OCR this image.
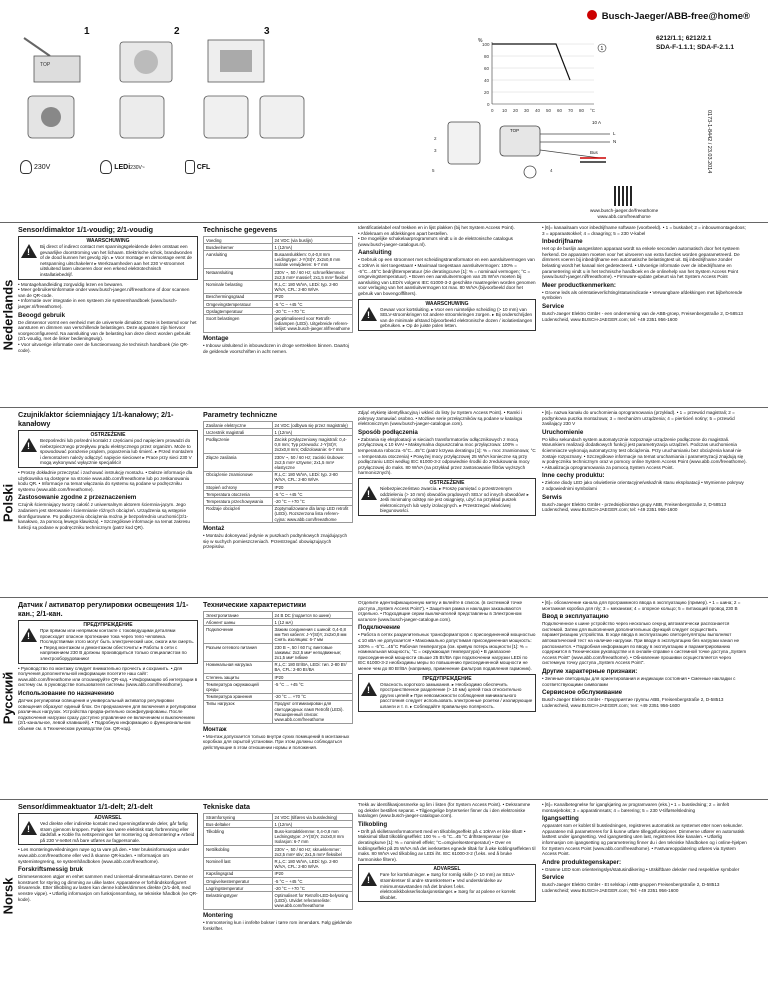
Busch-Jaeger/ABB-free@home®
6212/1.1; 6212/2.1
SDA-F-1.1.1; SDA-F-2.1.1
0173-1-8442 / 23.03.2014
1
TOP
2	3
230V	LEDi230V~	CFL
%
100
80
60
40
20
0
0 10 20 30 40 50 60 70 80 °C
1
2
3
5	4
10 A
TOP
L
N
Bus
www.busch-jaeger.de/freeathome
www.abb.com/freeathome
Nederlands
Sensor/dimaktor 1/1-voudig; 2/1-voudig
WAARSCHUWING
!
Bij direct of indirect contact met spanningsgeleidende delen ontstaat een gevaarlijke doorstroming van het lichaam. Elektrische schok, brandwonden of de dood kunnen het gevolg zijn. ▸ Voor montage en demontage eerst de netspanning uitschakelen! ▸ Werkzaamheden aan het 230 V-stroomnet uitsluitend laten uitvoeren door een erkend elektrotechnisch installatiebedrijf.
• Montagehandleiding zorgvuldig lezen en bewaren.
• Meer gebruikersinformatie onder www.busch-jaeger.nl/freeathome of door scannen van de QR-code.
• Informatie over integratie in een systeem zie systeemhandboek (www.busch-jaeger.nl/freeathome).
Beoogd gebruik
De dimsensor vormt een eenheid met de universele dimaktor. Deze is bestemd voor het aansturen en dimmen van verschillende belastingen. Deze apparaten zijn hiervoor voorgeconfigureerd. Na aansluiting van de belasting kan deze direct worden gebruikt (2/1-voudig, met de linker bedieningswip).
• Voor uitvoerige informatie over de functieomvang zie technisch handboek (zie QR-code).
Technische gegevens
Voeding	24 VDC (via buslijn)
Busdeelnemer	1 (12mA)
Aansluiting	Busaansluitklem: 0,4-0,8 mm Leidingtype: J-Y(St)Y, 2x2x0,8 mm Isolatie verwijderen: 6-7 mm
Netaansluiting	230V ~, 50 / 60 Hz; schroefklemmen: 2x2,5 mm² massief; 2x1,5 mm² flexibel
Nominale belasting	R,L,C: 180 W/VA, LEDi: typ. 2-80 W/VA, CFL: 2-80 W/VA
Beschermingsgraad	IP20
Omgevingstemperatuur	-5 °C – +45 °C
Opslagtemperatuur	-20 °C – +70 °C
Soort belastingen	geoptimaliseerd voor Retrofit-lediampen (LEDi). Uitgebreide referen-tielijst: www.busch-jaeger.nl/freeathome
Montage
• Inbouw uitsluitend in inbouwdozen in droge vertrekken binnen. Daartoj de geldende voorschriften in acht nemen.
Identificatielabel eraf trekken en in lijst plakken (bij het System Access Point).
• Afdekraam en afdekkingen apart bestellen.
• De mogelijke schakelaarprogramma's vindt u in de elektronische catalogus (www.busch-jaeger-catalogus.nl).
Aansluiting
• Gebruik op een stroomnet met scheidingstransformator en een aansluitvermogen van ≤ 10kVA is niet toegestaan! • Maximaal toegestaan aansluitvermogen: 100% = -5°C...45°C bedrijfstemperatuur (zie deratingcurve [1]: % = nominaal vermogen; °C = omgevingstemperatuur). • Boven een aansluitvermogen van 25 W/VA moeten bij aansluiting van LEDi's volgens IEC 61000-3-2 geschikte maatregelen worden genomen voor verlaging van het aansluitvermogen tot max. 80 W/VA (bijvoorbeeld door het gebruik van bovengolffilters).
WAARSCHUWING
!
Gevaar voor kortsluiting. ▸ Voor een ruimtelijke scheiding (> 10 mm) van SELV-stroomkringen tot andere stroomkringen zorgen. ▸ Bij onderschrijden van de minimale afstand bijvoorbeeld elektronische dozen / isolatieslangen gebruiken. ▸ Op de juiste polen letten.
• [6]= kanaalraam voor inbedrijfname software (voorbeeld). • 1 = buskabel; 2 = inbouwmontagedoos; 3 = apparaatsokkel; 4 = draagring; 5 = 230 V-kabel
Inbedrijfname
Het op de buslijn aangesloten apparaat wordt na enkele seconden automatisch door het systeem herkend. De apparaten moeten voor het uitvoeren van extra functies worden geparametreerd. De dimmers voeren bij inbedrijfname een automatische belastingtest uit. Bij inbedrijfname zonder belasting wordt het kanaal niet gedetecteerd. • Uitvoerige informatie over de inbedrijfname en parametrering vindt u in het technische handboek en de onlinehelp van het System Access Point (www.busch-jaeger.nl/freeathome). • Firmware-update gebeurt via het System Access Point
Meer productkenmerken:
• Groene leds als oriëntatieverlichting/statusindicatie • Verwangbare afdekkingen met bijbehorende symbolen
Service
Busch-Jaeger Elektro GmbH - een onderneming van de ABB-groep, Freisenbergstraße 2, D-58513 Lüdenscheid, www.BUSCH-JAEGER.com; tel: +49 2351 956-1600
Polski
Czujnik/aktor ściemniający 1/1-kanałowy; 2/1-kanałowy
OSTRZEŻENIE
!
Bezpośredni lub pośredni kontakt z częściami pod napięciem prowadzi do niebezpiecznego przepływu prądu elektrycznego przez organizm. Może to spowodować porażenie prądem, poparzenia lub śmierć. ▸ Przed montażem i demontażem należy odłączyć napięcie sieciowe! ▸ Prace przy sieci 230 V mogą wykonywać wyłącznie specjaliści!
• Proszę dokładnie przeczytać i zachować instrukcję montażu. • Dalsze informacje dla użytkownika są dostępne na stronie www.abb.com/freeathome lub po zeskanowaniu kodu QR. • Informacje na temat włączania do systemu są podane w podręczniku systemu (www.abb.com/freeathome).
Zastosowanie zgodne z przeznaczeniem
Czujnik ściemniający tworzy całość z uniwersalnym aktorem ściemnia-jącym. Jego zadaniem jest sterowanie i ściemnianie różnych obciążeń. Urządzenia są wstępnie skonfigurowane. Po podłączeniu obciążenia można je bezpośrednio uruchomić(2/1-kanałowo, za pomocą lewego klawisza). • Szczegółowe informacje na temat zakresu funkcji są podane w podręczniku technicznym (patrz kod QR).
Parametry techniczne
Zasilanie elektryczne	24 VDC (odbywa się przez magistralę)
Uczestnik magistrali	1 (12mA)
Podłączenie	Zacisk przyłączeniowy magistrali: 0,4-0,8 mm; Typ przewodu: J-Y(St)Y, 2x2x0,8 mm; Odizolowanie: 6-7 mm
Złącze zasilania	230V ~, 50 / 60 Hz; zaciski śrubowe: 2x2,5 mm² sztywne; 2x1,5 mm² elastyczne
Obciążenie znamionowe	R,L,C: 180 W/VA, LEDi: typ. 2-80 W/VA, CFL: 2-80 W/VA
Stopień ochrony	IP20
Temperatura otoczenia	-5 °C – +45 °C
Temperatura przechowywania	-20 °C – +70 °C
Rodzaje obciążeń	Zoptymalizowane dla lamp LED retrofit (LEDi). Rozszerzona lista referen-cyjna: www.abb.com/freeathome
Montaż
• Montażu dokonywać jedynie w puszkach podtynkowych znajdujących się w suchych pomieszczeniach. Przestrzegać obowiązujących przepisów.
Zdjąć etykietę identyfikacyjną i wkleić do listy (w System Access Point). • Ramki i pokrywy zamawiać osobno. • Możliwe serie przełączników są podane w katalogu elektronicznym (www.busch-jaeger-catalogue.com).
Sposób podłączenia
• Zabrania się eksploatacji w sieciach transformatorów odłącznikowych z mocą przyłączową ≤ 10 kVA! • Maksymalna dopuszczalna moc przyłączowa: 100% = temperatura robocza -5°C...45°C (patrz krzywa deratingu [1]: % = moc znamionowa; °C = temperatura otoczenia) • Powyżej mocy przyłączowej 25 W/VA konieczne są przy podłączaniu LEDi według IEC 61000-3-2 odpowiednie środki do zredukowania mocy przyłączowej do maks. 80 W/VA (na przykład przez zastosowanie filtrów wyższych harmonicznych).
OSTRZEŻENIE
!
Niebezpieczeństwo zwarcia. ▸ Proszę pamiętać o przestrzennym oddzieleniu (> 10 mm) obwodów prądowych SELV od innych obwodów! ▸ Jeśli minimalny odstęp nie jest osiągnięty, użyć na przykład puszek elektronicznych lub węży izolacyjnych. ▸ Przestrzegać właściwej biegunowości.
• [6]= nazwa kanału do uruchomienia oprogramowania (przykład). • 1 = przewód magistrali; 2 = podtynkowa puszka montażowa; 3 = mechanizm urządzenia; 4 = pierścień nośny; 5 = przewód zasilający 230 V
Uruchomienie
Po kilku sekundach system automatycznie rozpoznaje urządzenie podłączone do magistrali. Warunkiem realizacji dodatkowych funkcji jest parametryzacja urządzeń. Podczas uruchomienia ściemniacze wykonują automatyczny test obciążenia. Przy uruchamianiu bez obciążenia kanał nie zostaje rozpoznany. • Szczegółowe informacje na temat uruchamiania i parametryzacji znajdują się w podręczniku technicznym oraz w pomocy online System Access Point (www.abb.com/freeathome). • Aktualizacja oprogramowania za pomocą System Access Point.
Inne cechy produktu:
• Zielone diody LED jako oświetlenie orientacyjne/wskaźnik stanu eksploatacji • Wymienne pokrywy z odpowiednimi symbolami
Serwis
Busch-Jaeger Elektro GmbH - przedsiębiorstwo grupy ABB, Freisenbergstraße 2, D-58513 Lüdenscheid, www.BUSCH-JAEGER.com; tel: +49 2351 956-1600
Русский
Датчик / активатор регулировки освещения 1/1-кан.; 2/1-кан.
ПРЕДУПРЕЖДЕНИЕ
!
При прямом или непрямом контакте с токоведущими деталями происходит опасное протекание тока через тело человека. Последствиями этого могут быть электрический шок, ожоги или смерть. ▸ Перед монтажом и демонтажом обесточить! ▸ Работы в сети с напряжением 230 В должны производиться только специалистом по электрооборудованию!
• Руководство по монтажу следует внимательно прочесть и сохранить. • Для получения дополнительной информации посетите наш сайт: www.abb.com/freeathome или отсканируйте QR-код. • Информацию об интеграции в систему см. в руководстве пользователя системы (www.abb.com/freeathome).
Использование по назначению
Датчик регулировки освещения и универсальный активатор регулировки освещения образуют единый блок. Он предназначен для включения и регулировки различных нагрузок. Устройства предва-рительно сконфигурированы. После подключения нагрузки сразу доступно управление ее включением и выключением (2/1-канальное, левой клавишей). • Подробную информацию о функциональном объеме см. в Техническом руководстве (см. QR-код).
Технические характеристики
Электропитание	24 В DC (подается по шине)
Абонент шины	1 (12 мА)
Подключение	Зажим соединения с шиной: 0,4-0,8 мм Тип кабеля: J-Y(St)Y, 2x2x0,8 мм Снять изоляцию: 6-7 мм
Разъем сетевого питания	230 В ~, 50 / 60 Гц; винтовые зажимы: 2x2,5 мм² неподвижные; 2x1,5 мм² гибкие
Номинальная нагрузка	R,L,C: 180 Вт/ВА, LEDi: тип. 2-80 Вт/ВА, CFL: 2-80 Вт/ВА
Степень защиты	IP20
Температура окружающей среды	-5 °C ... +45 °C
Температура хранения	-20 °C ... +70 °C
Типы нагрузок	Продукт оптимизирован для светодиодных ламп Retrofit (LEDi). Расширенный список: www.abb.com/freeathome
Монтаж
• Монтаж допускается только внутри сухих помещений в монтажных коробках для скрытой установки. При этом должны соблюдаться действующие в этом отношении нормы и положения.
Отделите идентификационную метку и вклейте в список. (в системной точке доступа „System Access Point"). • Защитная рамка и накладки заказываются отдельно. • Подходящие серии выключателей представлены в Электронном каталоге (www.busch-jaeger-catalogue.com).
Подключение
• Работа в сетях разделительных трансформаторов с присоединенной мощностью ≤ 10 кВА не допускается! • Максимально допустимая присоединенная мощность: 100% = -5°C...45°C Рабочая температура (см. кривую потерь мощности [1]: % = номинальная мощность; °C = окружающая температура) • В диапазоне присоединенной мощности свыше 25 Вт/ВА при подключении нагрузки LEDi по IEC 61000-3-2 необходимы меры по повышению присоединенной мощности не менее чем до 80 Вт/ВА (например, применение фильтров подавления гармоник).
ПРЕДУПРЕЖДЕНИЕ
!
Опасность короткого замыкания. ▸ Необходимо обеспечить пространственное разделение (> 10 мм) цепей тока относительно других цепей! ▸ При невозможности соблюдения минимального расстояния следует использовать электронные розетки / изолирующие шланги и т. п. ▸ Соблюдайте правильную полярность.
• [6]= обозначение канала для программного ввода в эксплуатацию (пример). • 1 = шина; 2 = монтажная коробка для п/у; 3 = механизм; 4 = опорное кольцо; 5 = питающий провод 230 В
Ввод в эксплуатацию
Подключенное к шине устройство через несколько секунд автоматически распознается системой. Затем для выполнения дополнительных функций следует осуществить параметризацию устройства. В ходе ввода в эксплуатацию светорегуляторы выполняют автоматический тест на наличие нагрузки. При вводе в эксплуатацию без нагрузки канал не распознается. • Подробная информация по вводу в эксплуатацию и параметрированию содержится в Техническом руководстве и в онлайн-справке к системной точке доступа „System Access Point" (www.abb.com/freeathome). • Обновление прошивки осуществляется через системную точку доступа „System Access Point".
Другие характерные признаки:
• Зеленые светодиоды для ориентирования и индикации состояния • Сменные накладки с соответствующими символами
Сервисное обслуживание
Busch-Jaeger Elektro GmbH - Предприятие группы ABB, Freisenbergstraße 2, D-58513 Lüdenscheid, www.BUSCH-JAEGER.com; тел: +49 2351 956-1600
Norsk
Sensor/dimmeaktuator 1/1-delt; 2/1-delt
ADVARSEL
!
Ved direkte eller indirekte kontakt med spenningsførende deler, går farlig strøm gjennom kroppen. Følgen kan være elektrisk støt, forbrenning eller dødsfall. ▸ Koble fra nettspenningen før montering og demontering! ▸ Arbeid på 230 V-nettet må bare utføres av fagpersonale.
• Les monteringsveiledningen nøye og ta vare på den. • Mer bruksinformasjon under www.abb.com/freeathome eller ved å skanne QR-koden. • Informasjon om systemintegrering, se systemhåndboken (www.abb.com/freeathome).
Forskriftsmessig bruk
Dimmesensoren utgjør en enhet sammen med Universal-dimmeaktua-toren. Denne er konstruert for styring og dimming av ulike laster. Apparatene er forhåndskonfigurert tilsvarende. Etter tilkobling av lasten kan denne kobles/dimmes direkte (2/1-delt, med venstre vippe). • Utførlig informasjon om funksjonsomfang, se tekniske håndbok (se QR-kode).
Tekniske data
Strømforsyning	24 VDC (tilføres via bussledning)
Bus-deltaker	1 (12mA)
Tilkobling	Buss-kontaktklemme: 0,4-0,8 mm Ledningstype: J-Y(St)Y, 2x2x0,8 mm Isolasjon: 6-7 mm
Nettilkobling	230V ~, 50 / 60 Hz; skrueklemmer: 2x2,5 mm² stiv; 2x1,5 mm² fleksibel
Nominell last	R,L,C: 180 W/VA, LEDi: typ. 2-80 W/VA, CFL: 2-80 W/VA
Kapslingsgrad	IP20
Omgivelsestemperatur	-5 °C – +45 °C
Lagringstemperatur	-20 °C – +70 °C
Belastningstyper	Optimalisert for Retrofit-LED-belysning (LEDi). Utvidet referanseliste: www.abb.com/freeathome
Montering
• Innmontering kun i innfelte bokser i tørre rom innendørs. Følg gjeldende forskrifter.
Trekk av identifikasjonsmerke og lim i listen (for System Access Point). • Deksramme og deksler bestilles separat. • Tilgjengelige bryterserier finner du i den elektroniske katalogen (www.busch-jaeger-catalogue.com).
Tilkobling
• Drift på skilletransformatornett med en tilkoblingseffekt på ≤ 10kVA er ikke tillatt! • Maksimal tillatt tilkoblingseffekt: 100 % = -5 °C...45 °C driftstemperatur (se deratingkurve [1]: % = nominell effekt; °C=omgivelsestemperatur) • Over en koblingseffekt på 25 W/VA må det iverksettes egnede tiltak for å øke koblingseffekten til maks. 80 W/VA ved tilkobling av LEDi iht. IEC 61000-3-2 (f.eks. ved å bruke harmoniske filtere).
ADVARSEL
!
Fare for kortslutninger. ▸ Sørg for romlig skille (> 10 mm) av SELV-strømkretser til andre strømkretser! ▸ Ved underskridelse av minimumsavstanden må det brukes f.eks. elektronikkbokser/isolasjonsslanger. ▸ Sørg for at polene er korrekt tilkoblet.
• [6]= Kanalbetegnelse for igangkjøring av programvaren (eks.) • 1 = bussledning; 2 = innfelt montasjeboks; 3 = apparatinnsats; 4 = bærering; 5 = 230 V-tilførselsledning
Igangsetting
Apparatet som er koblet til bussledningen, registreres automatisk av systemet etter noen sekunder. Apparatene må parametreres for å kunne utføre tilleggsfunksjoner. Dimmerne utfører en automatisk lasttest under igangsetting. Ved igangsetting uten last, registreres ikke kanalen. • Utførlig informasjon om igangsetting og parametrering finner du i den tekniske håndboken og i online-hjelpen for System Access Point (www.abb.com/freeathome). • Fastvareoppdatering utføres via System Access Point.
Andre produktegenskaper:
• Grønne LED som orienteringslys/statusindikering • Utskiftbare deksler med respektive symboler
Service
Busch-Jaeger Elektro GmbH - Et selskap i ABB-gruppen Freisenbergstraße 2, D-58513 Lüdenscheid; www.BUSCH-JAEGER.com; Tel: +49 2351 956-1600
